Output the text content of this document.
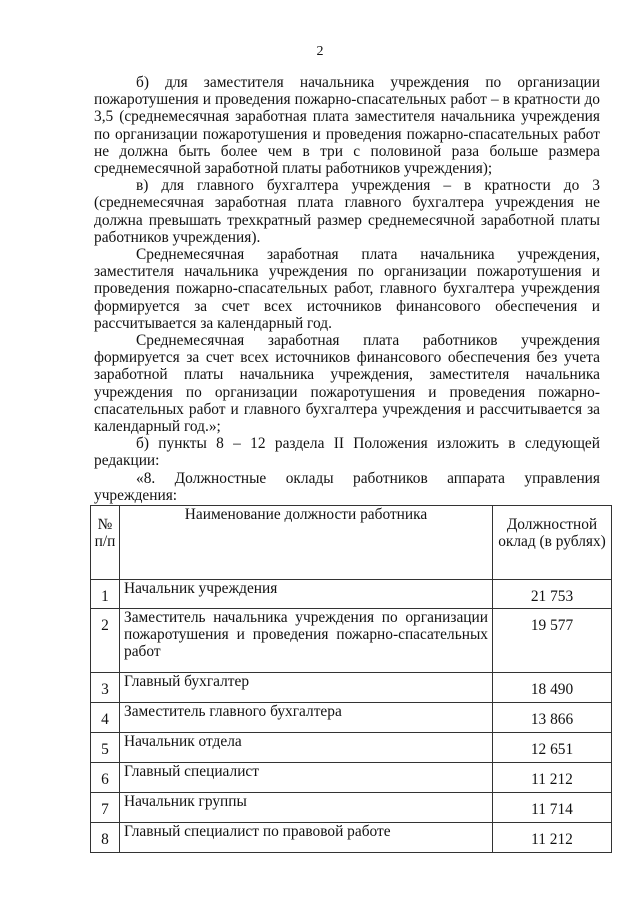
2

б) для заместителя начальника учреждения по организации пожаротушения и проведения пожарно-спасательных работ – в кратности до 3,5 (среднемесячная заработная плата заместителя начальника учреждения по организации пожаротушения и проведения пожарно-спасательных работ не должна быть более чем в три с половиной раза больше размера среднемесячной заработной платы работников учреждения);

в) для главного бухгалтера учреждения – в кратности до 3 (среднемесячная заработная плата главного бухгалтера учреждения не должна превышать трехкратный размер среднемесячной заработной платы работников учреждения).

Среднемесячная заработная плата начальника учреждения, заместителя начальника учреждения по организации пожаротушения и проведения пожарно-спасательных работ, главного бухгалтера учреждения формируется за счет всех источников финансового обеспечения и рассчитывается за календарный год.

Среднемесячная заработная плата работников учреждения формируется за счет всех источников финансового обеспечения без учета заработной платы начальника учреждения, заместителя начальника учреждения по организации пожаротушения и проведения пожарно-спасательных работ и главного бухгалтера учреждения и рассчитывается за календарный год.»;

б) пункты 8 – 12 раздела II Положения изложить в следующей редакции:

«8. Должностные оклады работников аппарата управления учреждения:

№ п/п	Наименование должности работника	Должностной оклад (в рублях)
1	Начальник учреждения	21 753
2	Заместитель начальника учреждения по организации пожаротушения и проведения пожарно-спасательных работ	19 577
3	Главный бухгалтер	18 490
4	Заместитель главного бухгалтера	13 866
5	Начальник отдела	12 651
6	Главный специалист	11 212
7	Начальник группы	11 714
8	Главный специалист по правовой работе	11 212
